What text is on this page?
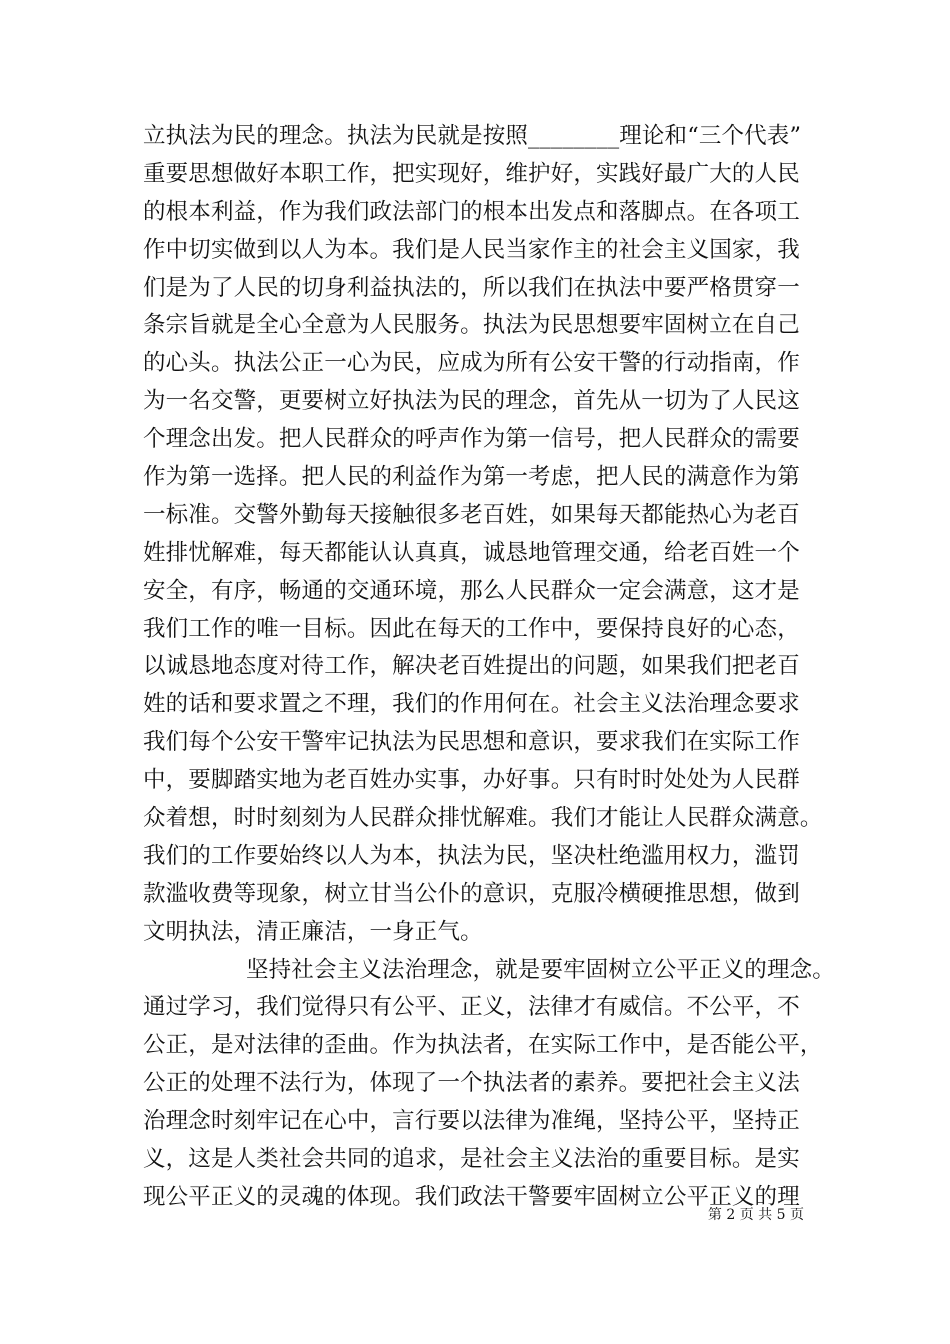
立执法为民的理念。执法为民就是按照________理论和“三个代表”
重要思想做好本职工作，把实现好，维护好，实践好最广大的人民
的根本利益，作为我们政法部门的根本出发点和落脚点。在各项工
作中切实做到以人为本。我们是人民当家作主的社会主义国家，我
们是为了人民的切身利益执法的，所以我们在执法中要严格贯穿一
条宗旨就是全心全意为人民服务。执法为民思想要牢固树立在自己
的心头。执法公正一心为民，应成为所有公安干警的行动指南，作
为一名交警，更要树立好执法为民的理念，首先从一切为了人民这
个理念出发。把人民群众的呼声作为第一信号，把人民群众的需要
作为第一选择。把人民的利益作为第一考虑，把人民的满意作为第
一标准。交警外勤每天接触很多老百姓，如果每天都能热心为老百
姓排忧解难，每天都能认认真真，诚恳地管理交通，给老百姓一个
安全，有序，畅通的交通环境，那么人民群众一定会满意，这才是
我们工作的唯一目标。因此在每天的工作中，要保持良好的心态，
以诚恳地态度对待工作，解决老百姓提出的问题，如果我们把老百
姓的话和要求置之不理，我们的作用何在。社会主义法治理念要求
我们每个公安干警牢记执法为民思想和意识，要求我们在实际工作
中，要脚踏实地为老百姓办实事，办好事。只有时时处处为人民群
众着想，时时刻刻为人民群众排忧解难。我们才能让人民群众满意。
我们的工作要始终以人为本，执法为民，坚决杜绝滥用权力，滥罚
款滥收费等现象，树立甘当公仆的意识，克服冷横硬推思想，做到
文明执法，清正廉洁，一身正气。
坚持社会主义法治理念，就是要牢固树立公平正义的理念。
通过学习，我们觉得只有公平、正义，法律才有威信。不公平，不
公正，是对法律的歪曲。作为执法者，在实际工作中，是否能公平，
公正的处理不法行为，体现了一个执法者的素养。要把社会主义法
治理念时刻牢记在心中，言行要以法律为准绳，坚持公平，坚持正
义，这是人类社会共同的追求，是社会主义法治的重要目标。是实
现公平正义的灵魂的体现。我们政法干警要牢固树立公平正义的理
第 2 页 共 5 页
